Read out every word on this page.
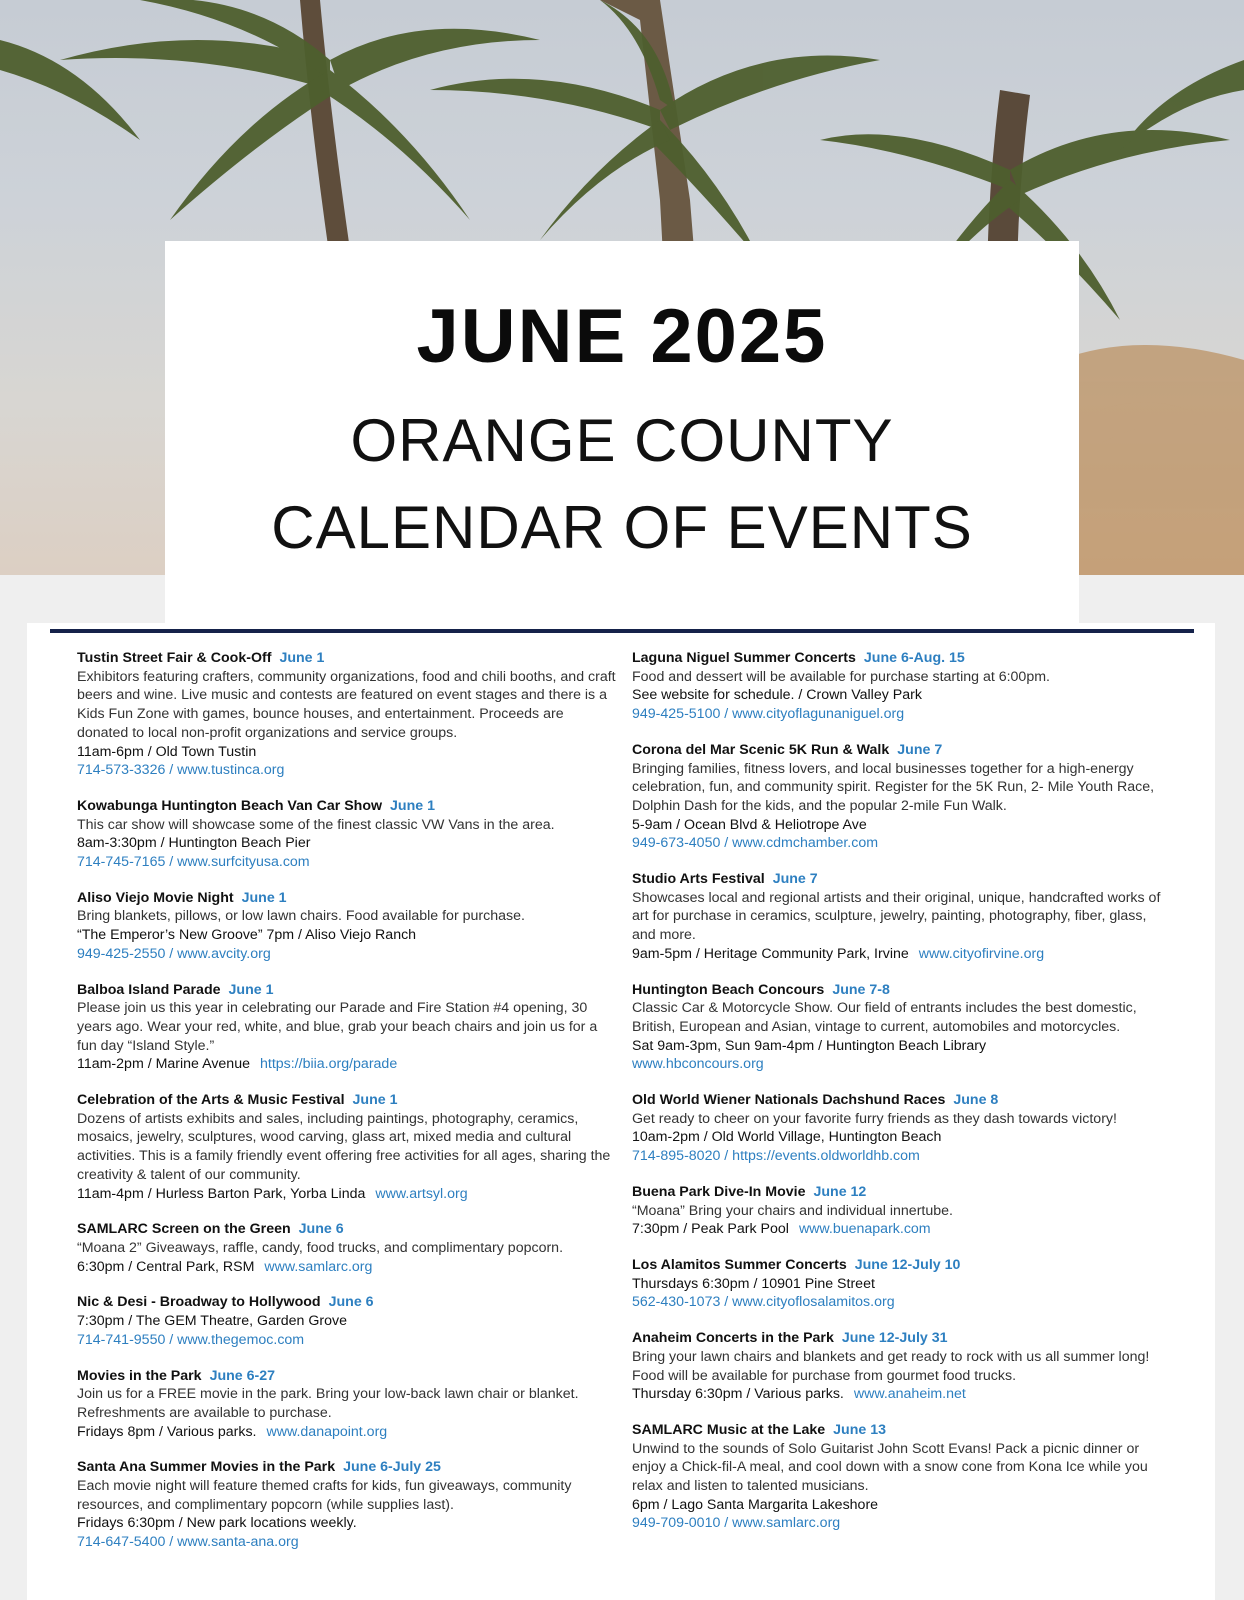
JUNE 2025
ORANGE COUNTY
CALENDAR OF EVENTS
Tustin Street Fair & Cook-Off June 1
Exhibitors featuring crafters, community organizations, food and chili booths, and craft beers and wine. Live music and contests are featured on event stages and there is a Kids Fun Zone with games, bounce houses, and entertainment. Proceeds are donated to local non-profit organizations and service groups.
11am-6pm / Old Town Tustin
714-573-3326 / www.tustinca.org
Kowabunga Huntington Beach Van Car Show June 1
This car show will showcase some of the finest classic VW Vans in the area.
8am-3:30pm / Huntington Beach Pier
714-745-7165 / www.surfcityusa.com
Aliso Viejo Movie Night June 1
Bring blankets, pillows, or low lawn chairs. Food available for purchase.
“The Emperor’s New Groove” 7pm / Aliso Viejo Ranch
949-425-2550 / www.avcity.org
Balboa Island Parade June 1
Please join us this year in celebrating our Parade and Fire Station #4 opening, 30 years ago. Wear your red, white, and blue, grab your beach chairs and join us for a fun day “Island Style.”
11am-2pm / Marine Avenue https://biia.org/parade
Celebration of the Arts & Music Festival June 1
Dozens of artists exhibits and sales, including paintings, photography, ceramics, mosaics, jewelry, sculptures, wood carving, glass art, mixed media and cultural activities. This is a family friendly event offering free activities for all ages, sharing the creativity & talent of our community.
11am-4pm / Hurless Barton Park, Yorba Linda www.artsyl.org
SAMLARC Screen on the Green June 6
“Moana 2” Giveaways, raffle, candy, food trucks, and complimentary popcorn.
6:30pm / Central Park, RSM www.samlarc.org
Nic & Desi - Broadway to Hollywood June 6
7:30pm / The GEM Theatre, Garden Grove
714-741-9550 / www.thegemoc.com
Movies in the Park June 6-27
Join us for a FREE movie in the park. Bring your low-back lawn chair or blanket. Refreshments are available to purchase.
Fridays 8pm / Various parks. www.danapoint.org
Santa Ana Summer Movies in the Park June 6-July 25
Each movie night will feature themed crafts for kids, fun giveaways, community resources, and complimentary popcorn (while supplies last).
Fridays 6:30pm / New park locations weekly.
714-647-5400 / www.santa-ana.org
Laguna Niguel Summer Concerts June 6-Aug. 15
Food and dessert will be available for purchase starting at 6:00pm.
See website for schedule. / Crown Valley Park
949-425-5100 / www.cityoflagunaniguel.org
Corona del Mar Scenic 5K Run & Walk June 7
Bringing families, fitness lovers, and local businesses together for a high-energy celebration, fun, and community spirit. Register for the 5K Run, 2- Mile Youth Race, Dolphin Dash for the kids, and the popular 2-mile Fun Walk.
5-9am / Ocean Blvd & Heliotrope Ave
949-673-4050 / www.cdmchamber.com
Studio Arts Festival June 7
Showcases local and regional artists and their original, unique, handcrafted works of art for purchase in ceramics, sculpture, jewelry, painting, photography, fiber, glass, and more.
9am-5pm / Heritage Community Park, Irvine www.cityofirvine.org
Huntington Beach Concours June 7-8
Classic Car & Motorcycle Show. Our field of entrants includes the best domestic, British, European and Asian, vintage to current, automobiles and motorcycles.
Sat 9am-3pm, Sun 9am-4pm / Huntington Beach Library
www.hbconcours.org
Old World Wiener Nationals Dachshund Races June 8
Get ready to cheer on your favorite furry friends as they dash towards victory!
10am-2pm / Old World Village, Huntington Beach
714-895-8020 / https://events.oldworldhb.com
Buena Park Dive-In Movie June 12
“Moana” Bring your chairs and individual innertube.
7:30pm / Peak Park Pool www.buenapark.com
Los Alamitos Summer Concerts June 12-July 10
Thursdays 6:30pm / 10901 Pine Street
562-430-1073 / www.cityoflosalamitos.org
Anaheim Concerts in the Park June 12-July 31
Bring your lawn chairs and blankets and get ready to rock with us all summer long! Food will be available for purchase from gourmet food trucks.
Thursday 6:30pm / Various parks. www.anaheim.net
SAMLARC Music at the Lake June 13
Unwind to the sounds of Solo Guitarist John Scott Evans! Pack a picnic dinner or enjoy a Chick-fil-A meal, and cool down with a snow cone from Kona Ice while you relax and listen to talented musicians.
6pm / Lago Santa Margarita Lakeshore
949-709-0010 / www.samlarc.org
